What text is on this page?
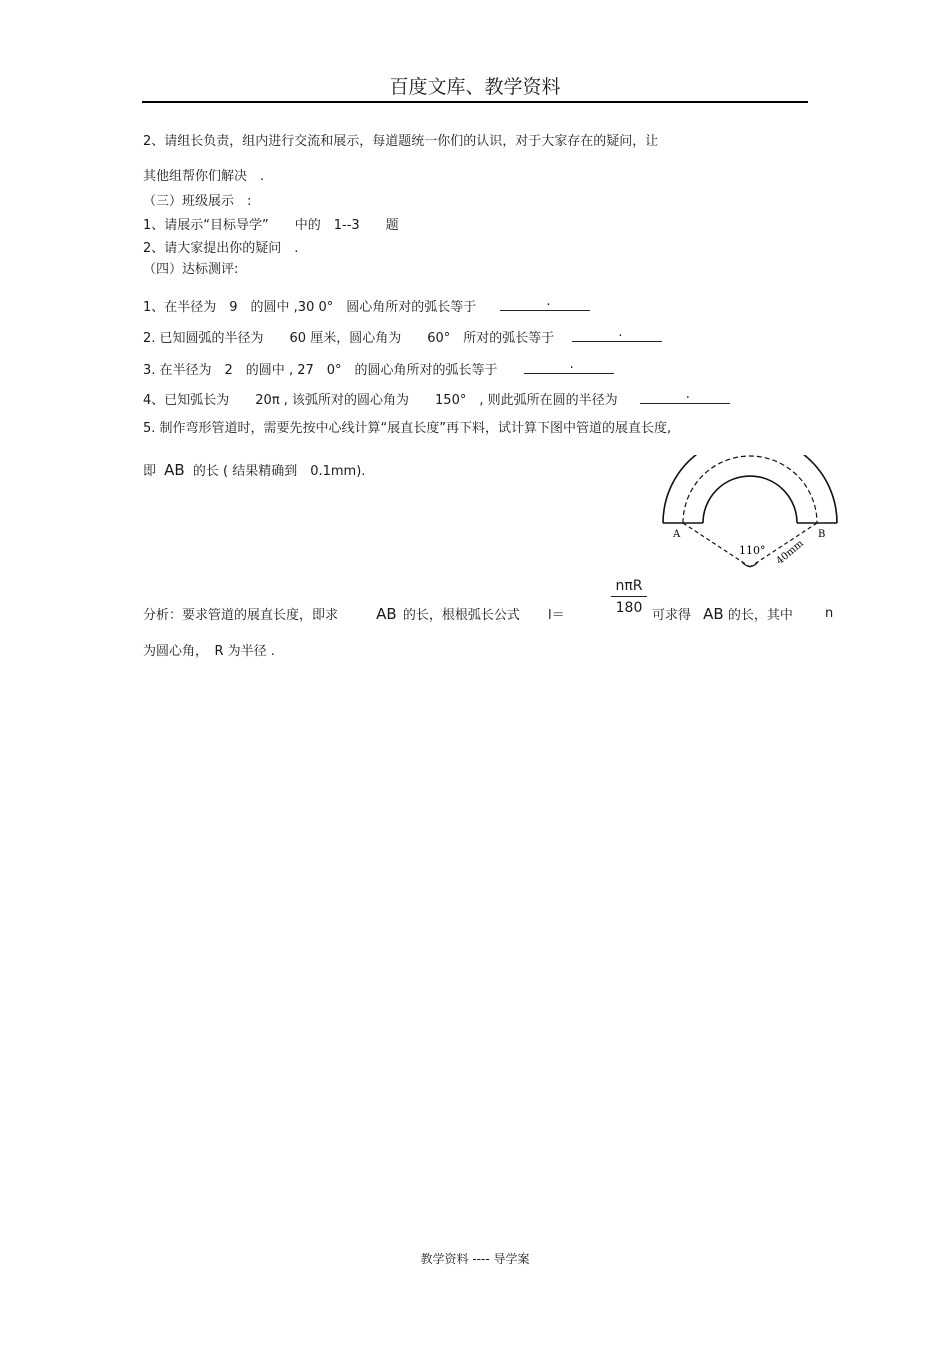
百度文库、教学资料
2、请组长负责，组内进行交流和展示，每道题统一你们的认识，对于大家存在的疑问，让
其他组帮你们解决　.
（三）班级展示　:
1、请展示“目标导学”　　中的　1--3　　题
2、请大家提出你的疑问　.
（四）达标测评:
1、在半径为　9　的圆中 ,30 0°　圆心角所对的弧长等于	.
2. 已知圆弧的半径为　　60 厘米，圆心角为　　60°　所对的弧长等于	.
3. 在半径为　2　的圆中 , 27　0°　的圆心角所对的弧长等于	.
4、已知弧长为　　20π , 该弧所对的圆心角为　　150°　, 则此弧所在圆的半径为	.
5. 制作弯形管道时，需要先按中心线计算“展直长度”再下料，试计算下图中管道的展直长度,
即 AB 的长 ( 结果精确到　0.1mm).
A	B
110° 40mm
分析：要求管道的展直长度，即求	AB 的长，根根弧长公式 l＝
nπR
180 可求得 AB 的长，其中 n
为圆心角，　R 为半径 .
教学资料 ---- 导学案
